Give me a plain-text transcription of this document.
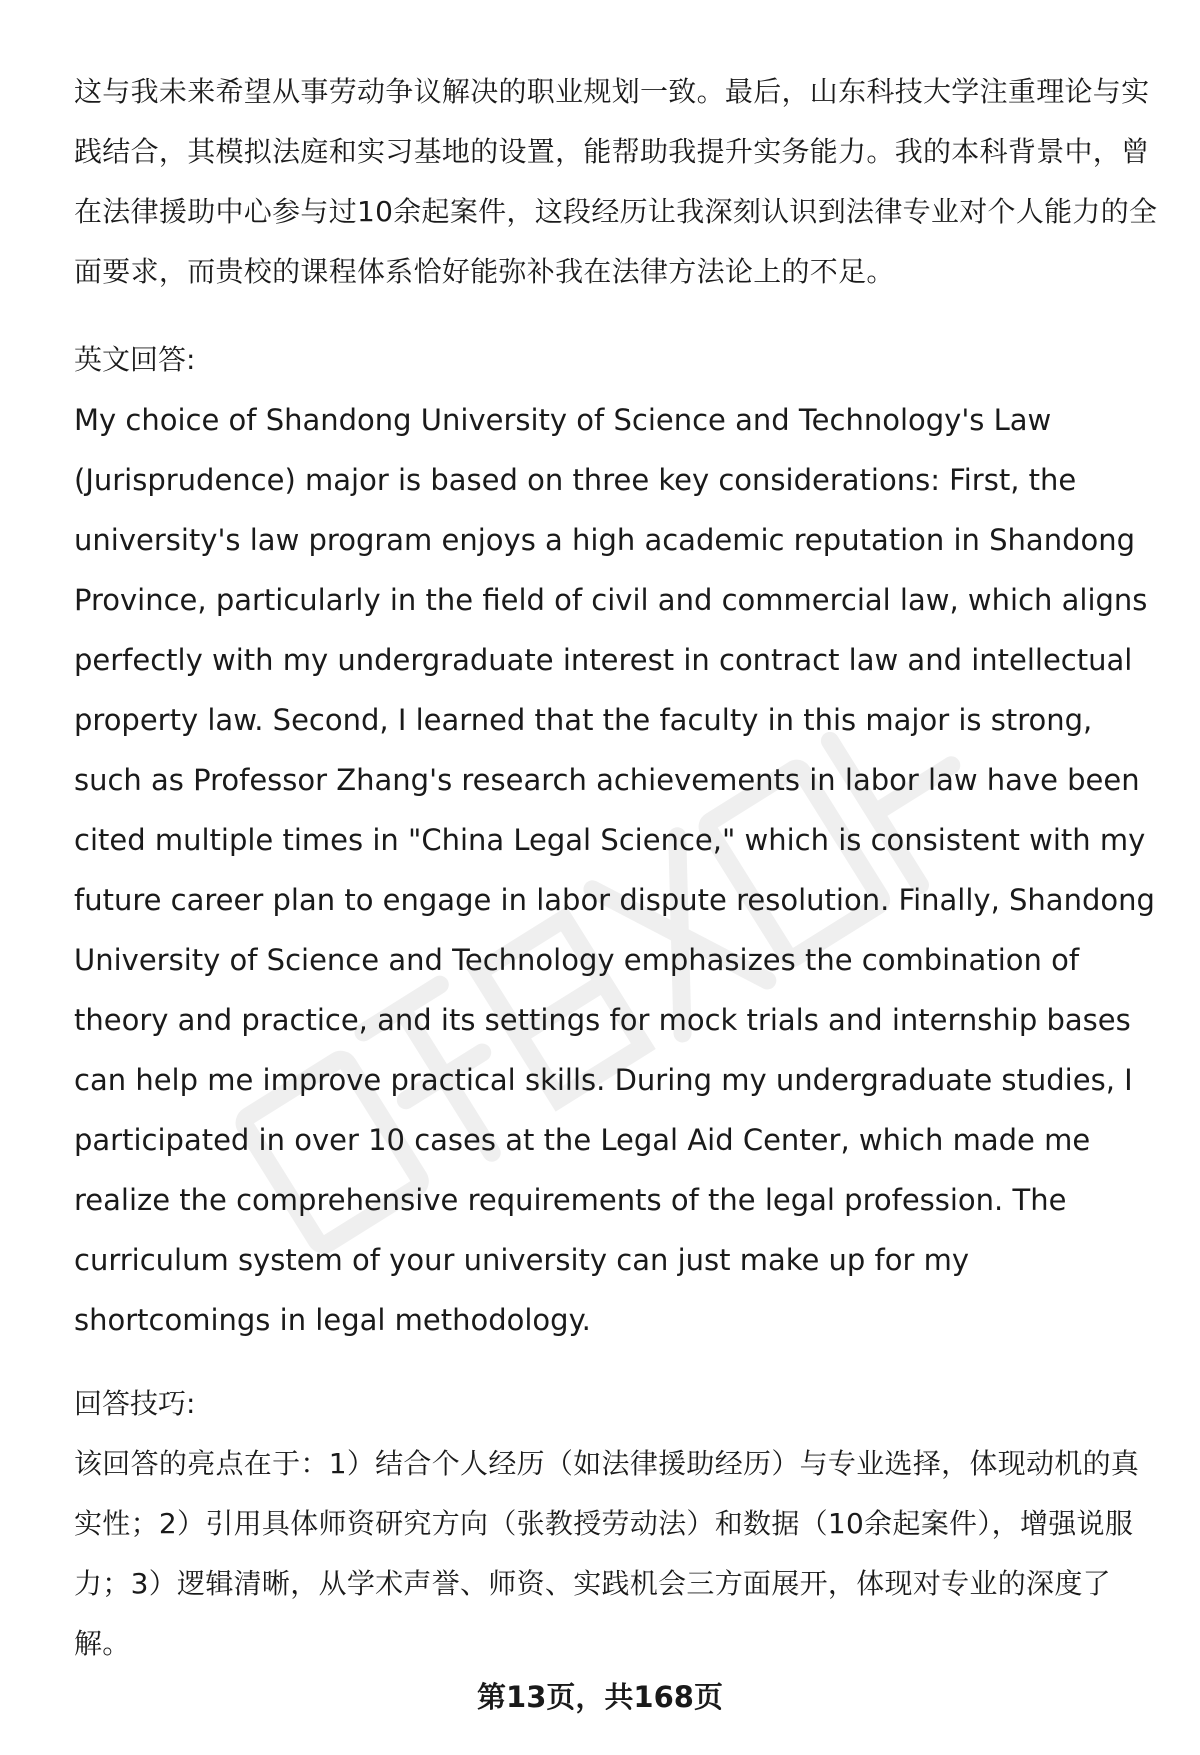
这与我未来希望从事劳动争议解决的职业规划一致。最后，山东科技大学注重理论与实践结合，其模拟法庭和实习基地的设置，能帮助我提升实务能力。我的本科背景中，曾在法律援助中心参与过10余起案件，这段经历让我深刻认识到法律专业对个人能力的全面要求，而贵校的课程体系恰好能弥补我在法律方法论上的不足。

英文回答:

My choice of Shandong University of Science and Technology's Law (Jurisprudence) major is based on three key considerations: First, the university's law program enjoys a high academic reputation in Shandong Province, particularly in the field of civil and commercial law, which aligns perfectly with my undergraduate interest in contract law and intellectual property law. Second, I learned that the faculty in this major is strong, such as Professor Zhang's research achievements in labor law have been cited multiple times in "China Legal Science," which is consistent with my future career plan to engage in labor dispute resolution. Finally, Shandong University of Science and Technology emphasizes the combination of theory and practice, and its settings for mock trials and internship bases can help me improve practical skills. During my undergraduate studies, I participated in over 10 cases at the Legal Aid Center, which made me realize the comprehensive requirements of the legal profession. The curriculum system of your university can just make up for my shortcomings in legal methodology.

回答技巧:

该回答的亮点在于：1）结合个人经历（如法律援助经历）与专业选择，体现动机的真实性；2）引用具体师资研究方向（张教授劳动法）和数据（10余起案件），增强说服力；3）逻辑清晰，从学术声誉、师资、实践机会三方面展开，体现对专业的深度了解。

第13页，共168页
